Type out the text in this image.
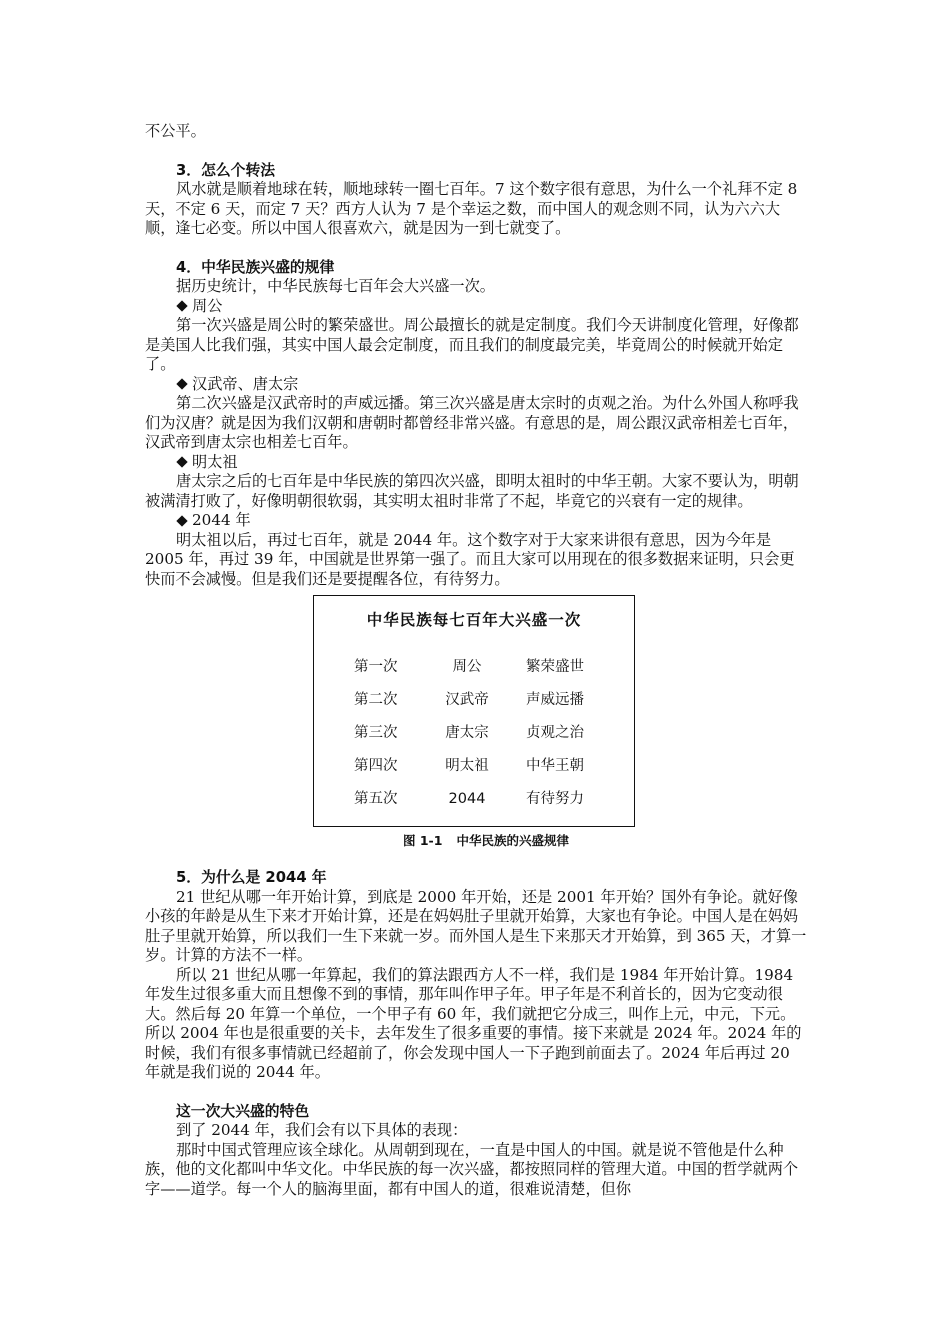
不公平。

3．怎么个转法

风水就是顺着地球在转，顺地球转一圈七百年。7 这个数字很有意思，为什么一个礼拜不定 8 天，不定 6 天，而定 7 天？西方人认为 7 是个幸运之数，而中国人的观念则不同，认为六六大顺，逢七必变。所以中国人很喜欢六，就是因为一到七就变了。

4．中华民族兴盛的规律

据历史统计，中华民族每七百年会大兴盛一次。

周公

第一次兴盛是周公时的繁荣盛世。周公最擅长的就是定制度。我们今天讲制度化管理，好像都是美国人比我们强，其实中国人最会定制度，而且我们的制度最完美，毕竟周公的时候就开始定了。

汉武帝、唐太宗

第二次兴盛是汉武帝时的声威远播。第三次兴盛是唐太宗时的贞观之治。为什么外国人称呼我们为汉唐？就是因为我们汉朝和唐朝时都曾经非常兴盛。有意思的是，周公跟汉武帝相差七百年，汉武帝到唐太宗也相差七百年。

明太祖

唐太宗之后的七百年是中华民族的第四次兴盛，即明太祖时的中华王朝。大家不要认为，明朝被满清打败了，好像明朝很软弱，其实明太祖时非常了不起，毕竟它的兴衰有一定的规律。

2044 年

明太祖以后，再过七百年，就是 2044 年。这个数字对于大家来讲很有意思，因为今年是 2005 年，再过 39 年，中国就是世界第一强了。而且大家可以用现在的很多数据来证明，只会更快而不会减慢。但是我们还是要提醒各位，有待努力。

中华民族每七百年大兴盛一次
第一次	周公	繁荣盛世
第二次	汉武帝	声威远播
第三次	唐太宗	贞观之治
第四次	明太祖	中华王朝
第五次	2044	有待努力

图 1-1 中华民族的兴盛规律

5．为什么是 2044 年

21 世纪从哪一年开始计算，到底是 2000 年开始，还是 2001 年开始？国外有争论。就好像小孩的年龄是从生下来才开始计算，还是在妈妈肚子里就开始算，大家也有争论。中国人是在妈妈肚子里就开始算，所以我们一生下来就一岁。而外国人是生下来那天才开始算，到 365 天，才算一岁。计算的方法不一样。

所以 21 世纪从哪一年算起，我们的算法跟西方人不一样，我们是 1984 年开始计算。1984 年发生过很多重大而且想像不到的事情，那年叫作甲子年。甲子年是不利首长的，因为它变动很大。然后每 20 年算一个单位，一个甲子有 60 年，我们就把它分成三，叫作上元，中元，下元。所以 2004 年也是很重要的关卡，去年发生了很多重要的事情。接下来就是 2024 年。2024 年的时候，我们有很多事情就已经超前了，你会发现中国人一下子跑到前面去了。2024 年后再过 20 年就是我们说的 2044 年。

这一次大兴盛的特色

到了 2044 年，我们会有以下具体的表现：

那时中国式管理应该全球化。从周朝到现在，一直是中国人的中国。就是说不管他是什么种族，他的文化都叫中华文化。中华民族的每一次兴盛，都按照同样的管理大道。中国的哲学就两个字——道学。每一个人的脑海里面，都有中国人的道，很难说清楚，但你
